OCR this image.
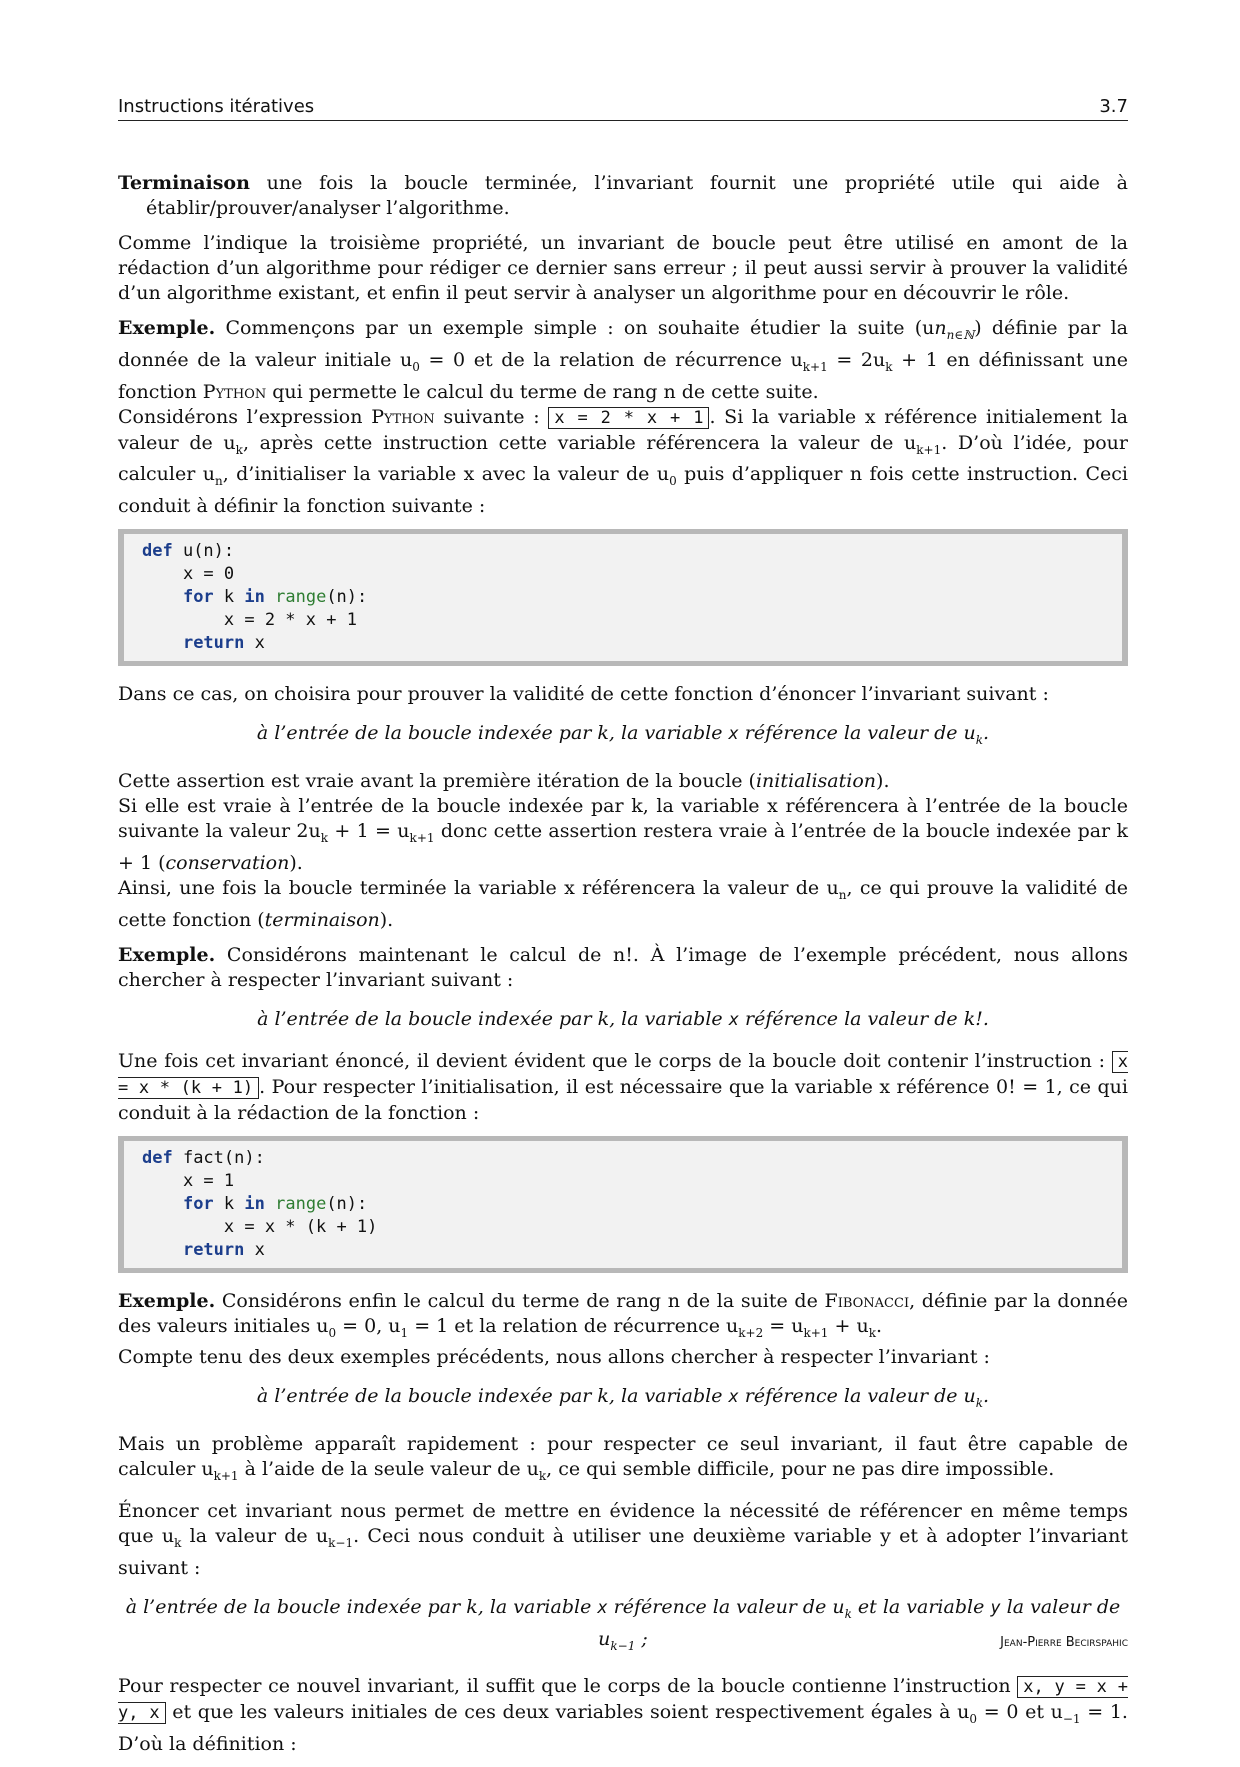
Instructions itératives	3.7

Terminaison une fois la boucle terminée, l’invariant fournit une propriété utile qui aide à établir/prouver/analyser l’algorithme.

Comme l’indique la troisième propriété, un invariant de boucle peut être utilisé en amont de la rédaction d’un algorithme pour rédiger ce dernier sans erreur ; il peut aussi servir à prouver la validité d’un algorithme existant, et enfin il peut servir à analyser un algorithme pour en découvrir le rôle.

Exemple. Commençons par un exemple simple : on souhaite étudier la suite $(un_{n\in ℕ})$ définie par la donnée de la valeur initiale $u_0 = 0$ et de la relation de récurrence $u_{k+1} = 2u_k + 1$ en définissant une fonction Python qui permette le calcul du terme de rang n de cette suite.
Considérons l’expression Python suivante : x = 2 * x + 1 . Si la variable x référence initialement la valeur de $u_k$, après cette instruction cette variable référencera la valeur de $u_{k+1}$. D’où l’idée, pour calculer $u_n$, d’initialiser la variable x avec la valeur de $u_0$ puis d’appliquer n fois cette instruction. Ceci conduit à définir la fonction suivante :

def u(n):
x = 0
for k in range(n):
x = 2 * x + 1
return x

Dans ce cas, on choisira pour prouver la validité de cette fonction d’énoncer l’invariant suivant :

à l’entrée de la boucle indexée par k, la variable x référence la valeur de $u_k$.

Cette assertion est vraie avant la première itération de la boucle (initialisation).
Si elle est vraie à l’entrée de la boucle indexée par k, la variable x référencera à l’entrée de la boucle suivante la valeur $2u_k + 1 = u_{k+1}$ donc cette assertion restera vraie à l’entrée de la boucle indexée par k + 1 (conservation).
Ainsi, une fois la boucle terminée la variable x référencera la valeur de $u_n$, ce qui prouve la validité de cette fonction (terminaison).

Exemple. Considérons maintenant le calcul de n!. À l’image de l’exemple précédent, nous allons chercher à respecter l’invariant suivant :

à l’entrée de la boucle indexée par k, la variable x référence la valeur de k!.

Une fois cet invariant énoncé, il devient évident que le corps de la boucle doit contenir l’instruction : x = x * (k + 1) . Pour respecter l’initialisation, il est nécessaire que la variable x référence 0! = 1, ce qui conduit à la rédaction de la fonction :

def fact(n):
x = 1
for k in range(n):
x = x * (k + 1)
return x

Exemple. Considérons enfin le calcul du terme de rang n de la suite de Fibonacci, définie par la donnée des valeurs initiales $u_0 = 0$, $u_1 = 1$ et la relation de récurrence $u_{k+2} = u_{k+1} + u_k$.
Compte tenu des deux exemples précédents, nous allons chercher à respecter l’invariant :

à l’entrée de la boucle indexée par k, la variable x référence la valeur de $u_k$.

Mais un problème apparaît rapidement : pour respecter ce seul invariant, il faut être capable de calculer $u_{k+1}$ à l’aide de la seule valeur de $u_k$, ce qui semble difficile, pour ne pas dire impossible.

Énoncer cet invariant nous permet de mettre en évidence la nécessité de référencer en même temps que $u_k$ la valeur de $u_{k-1}$. Ceci nous conduit à utiliser une deuxième variable y et à adopter l’invariant suivant :

à l’entrée de la boucle indexée par k, la variable x référence la valeur de $u_k$ et la variable y la valeur de $u_{k-1}$ ;

Pour respecter ce nouvel invariant, il suffit que le corps de la boucle contienne l’instruction x, y = x + y, x et que les valeurs initiales de ces deux variables soient respectivement égales à $u_0 = 0$ et $u_{-1} = 1$. D’où la définition :

Jean-Pierre Becirspahic
